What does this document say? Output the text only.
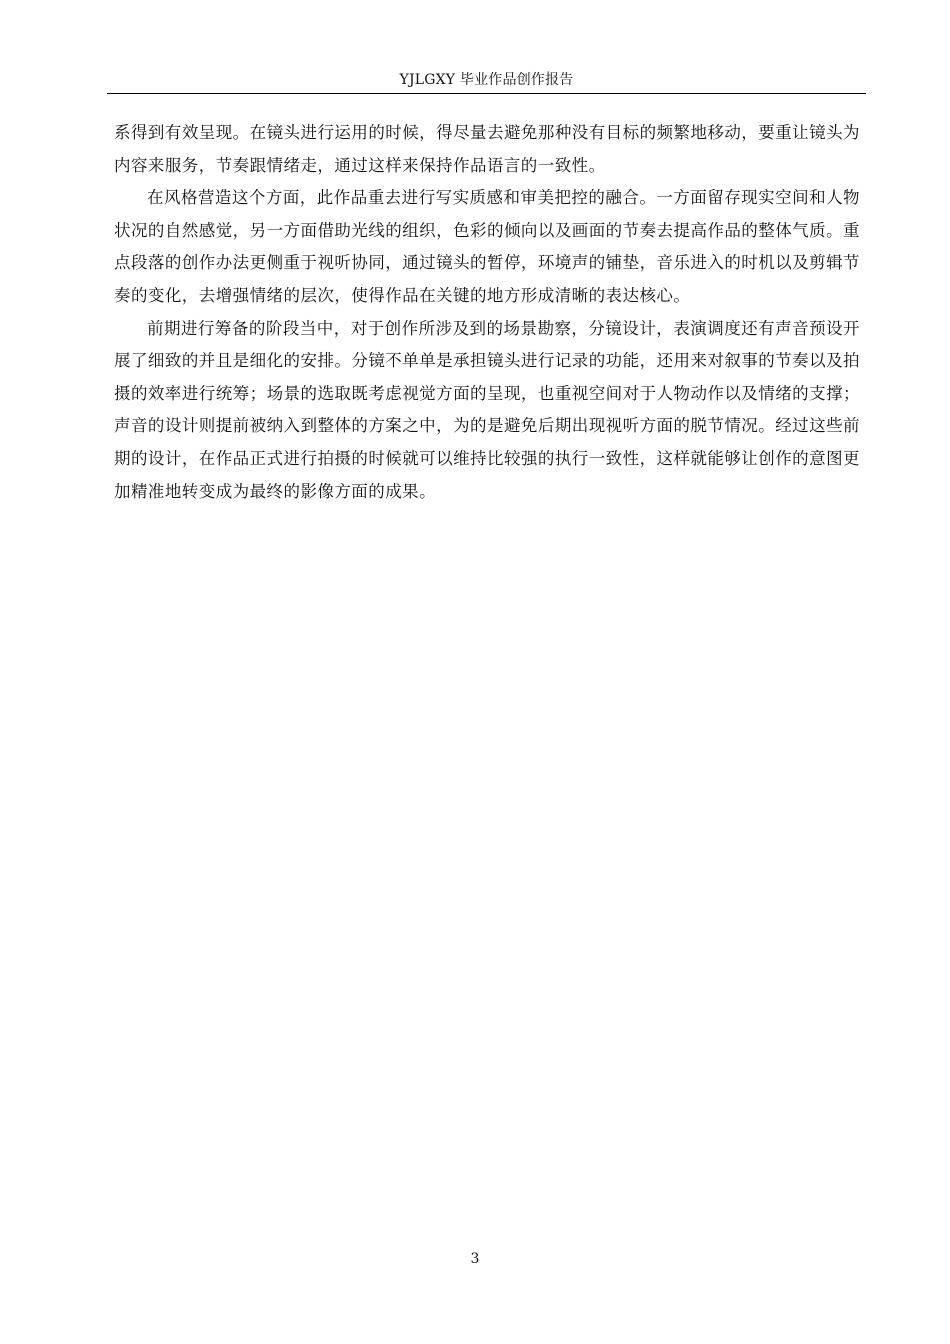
YJLGXY 毕业作品创作报告

系得到有效呈现。在镜头进行运用的时候，得尽量去避免那种没有目标的频繁地移动，要重让镜头为内容来服务，节奏跟情绪走，通过这样来保持作品语言的一致性。

在风格营造这个方面，此作品重去进行写实质感和审美把控的融合。一方面留存现实空间和人物状况的自然感觉，另一方面借助光线的组织，色彩的倾向以及画面的节奏去提高作品的整体气质。重点段落的创作办法更侧重于视听协同，通过镜头的暂停，环境声的铺垫，音乐进入的时机以及剪辑节奏的变化，去增强情绪的层次，使得作品在关键的地方形成清晰的表达核心。

前期进行筹备的阶段当中，对于创作所涉及到的场景勘察，分镜设计，表演调度还有声音预设开展了细致的并且是细化的安排。分镜不单单是承担镜头进行记录的功能，还用来对叙事的节奏以及拍摄的效率进行统筹；场景的选取既考虑视觉方面的呈现，也重视空间对于人物动作以及情绪的支撑；声音的设计则提前被纳入到整体的方案之中，为的是避免后期出现视听方面的脱节情况。经过这些前期的设计，在作品正式进行拍摄的时候就可以维持比较强的执行一致性，这样就能够让创作的意图更加精准地转变成为最终的影像方面的成果。

3
